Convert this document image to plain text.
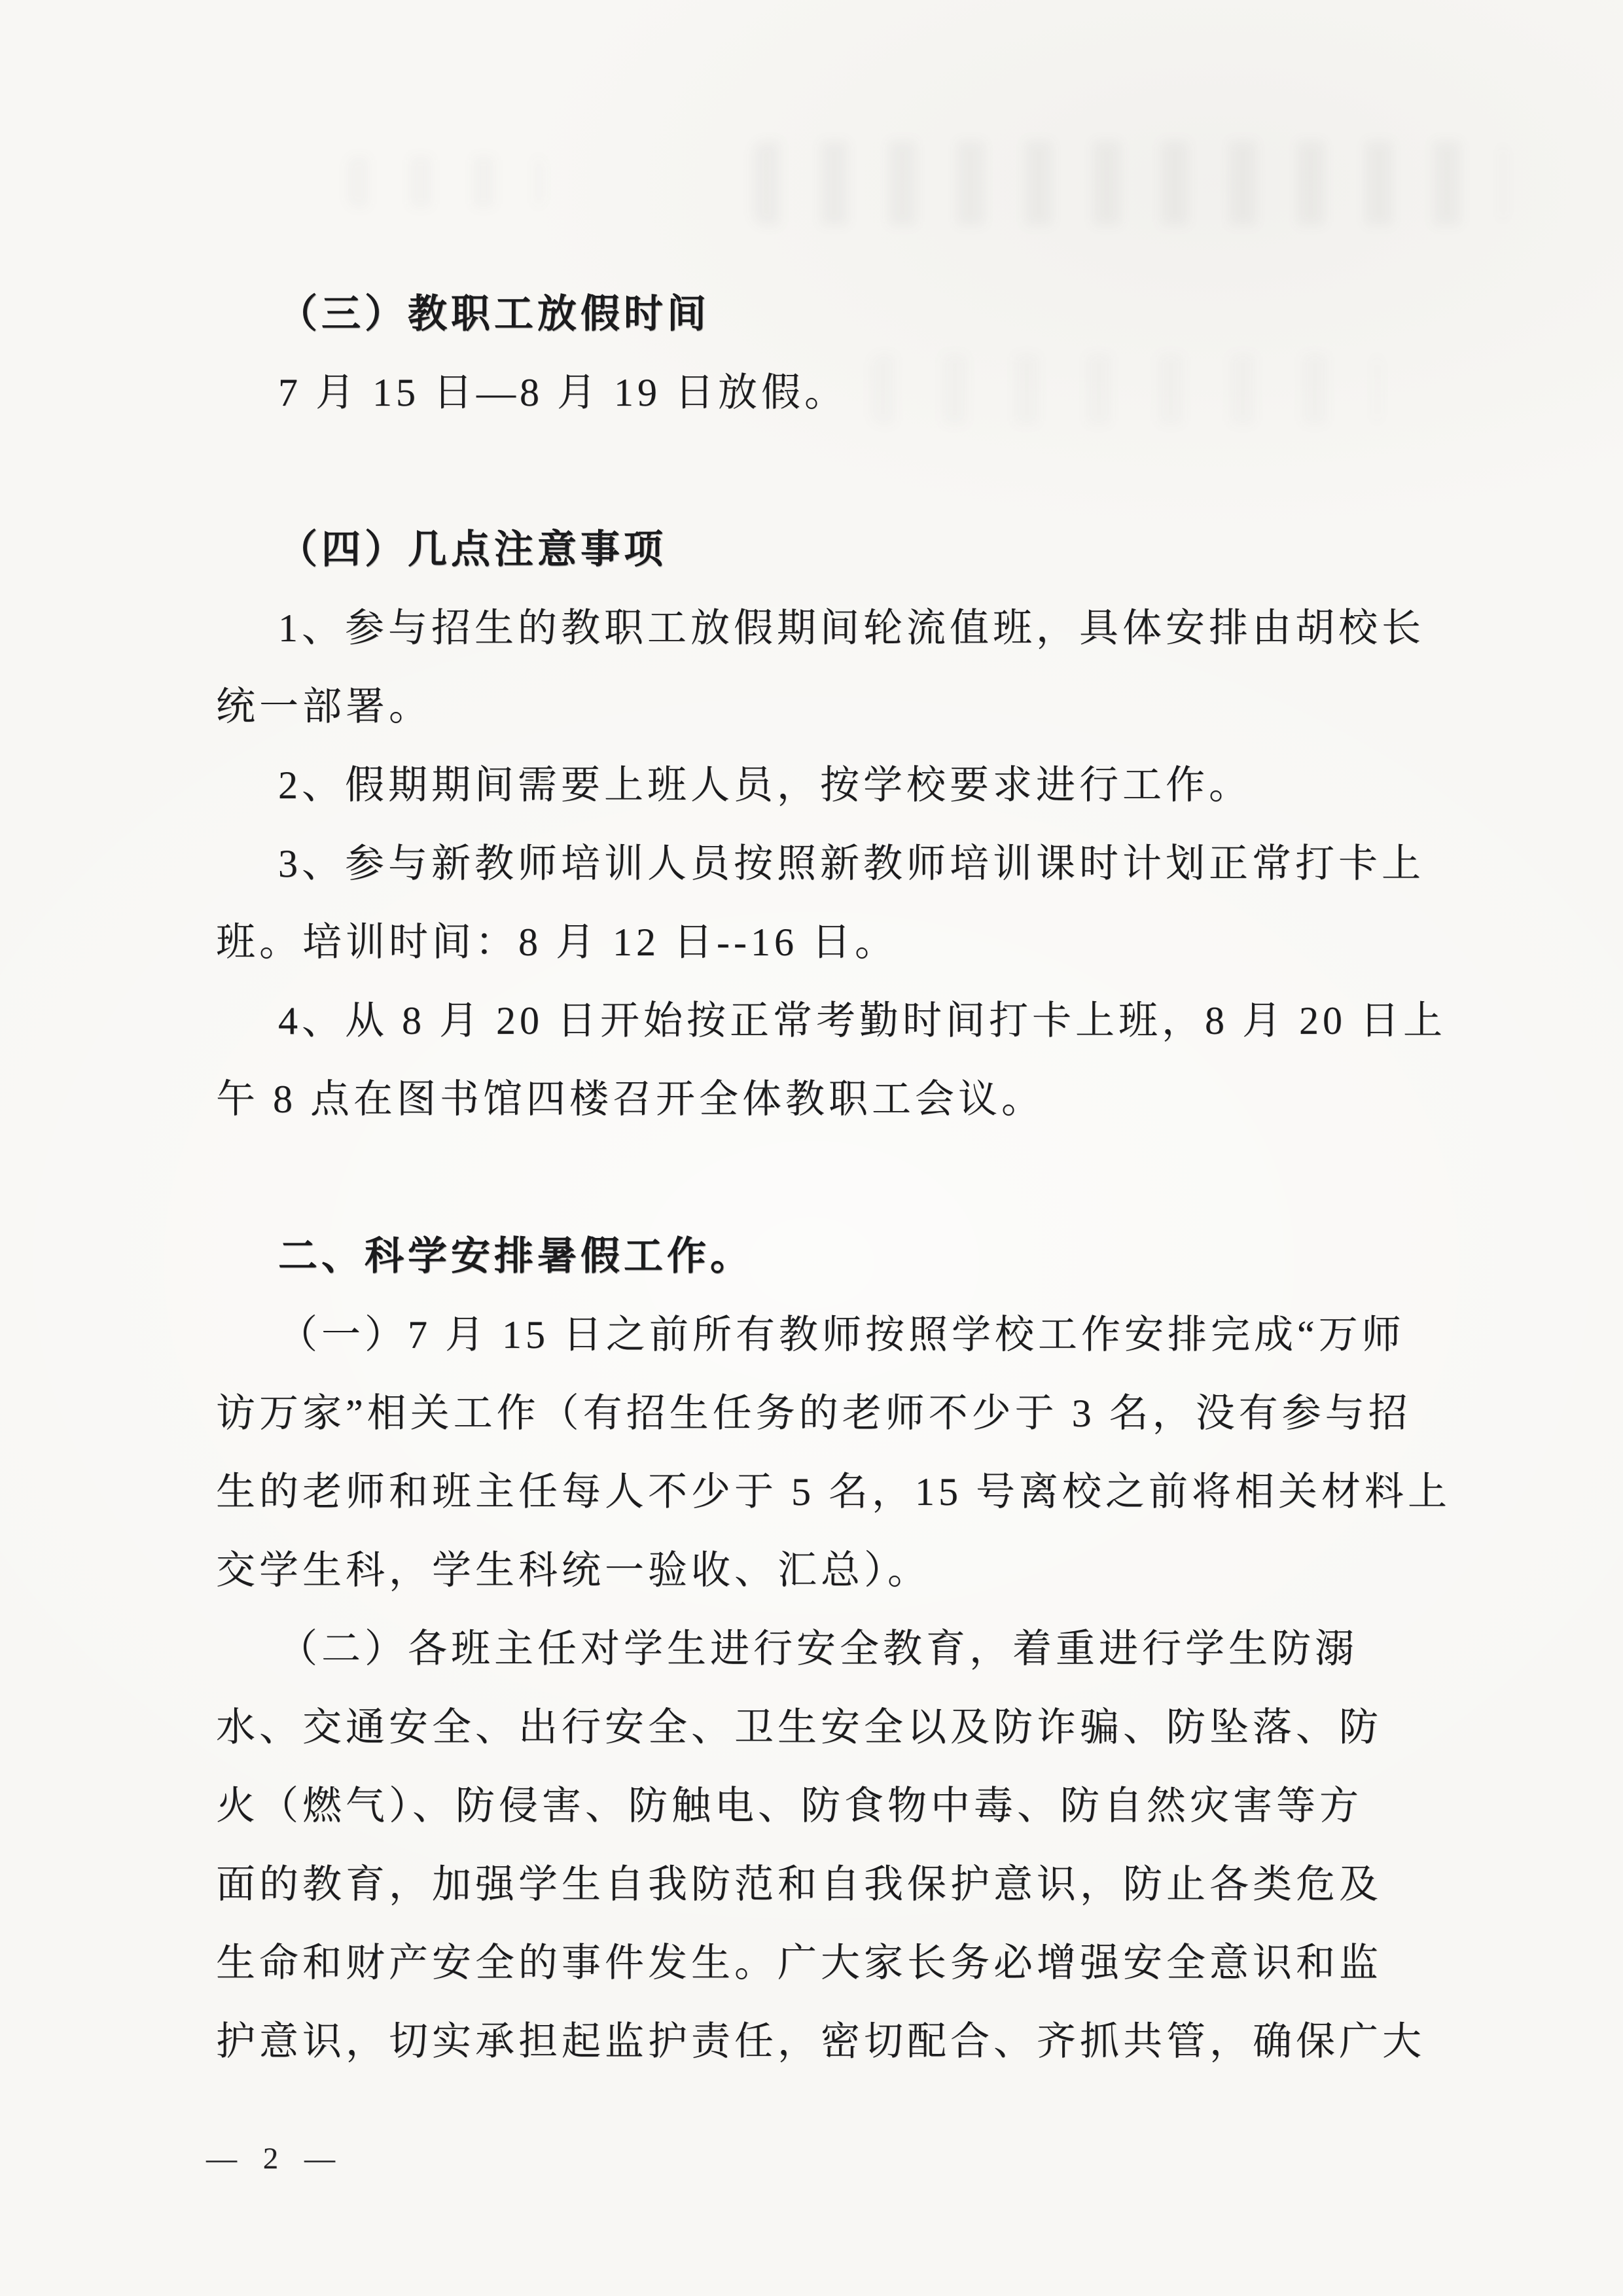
（三）教职工放假时间
7 月 15 日—8 月 19 日放假。
（四）几点注意事项
1、参与招生的教职工放假期间轮流值班，具体安排由胡校长
统一部署。
2、假期期间需要上班人员，按学校要求进行工作。
3、参与新教师培训人员按照新教师培训课时计划正常打卡上
班。培训时间：8 月 12 日--16 日。
4、从 8 月 20 日开始按正常考勤时间打卡上班，8 月 20 日上
午 8 点在图书馆四楼召开全体教职工会议。
二、科学安排暑假工作。
（一）7 月 15 日之前所有教师按照学校工作安排完成“万师
访万家”相关工作（有招生任务的老师不少于 3 名，没有参与招
生的老师和班主任每人不少于 5 名，15 号离校之前将相关材料上
交学生科，学生科统一验收、汇总）。
（二）各班主任对学生进行安全教育，着重进行学生防溺
水、交通安全、出行安全、卫生安全以及防诈骗、防坠落、防
火（燃气）、防侵害、防触电、防食物中毒、防自然灾害等方
面的教育，加强学生自我防范和自我保护意识，防止各类危及
生命和财产安全的事件发生。广大家长务必增强安全意识和监
护意识，切实承担起监护责任，密切配合、齐抓共管，确保广大
— 2 —
